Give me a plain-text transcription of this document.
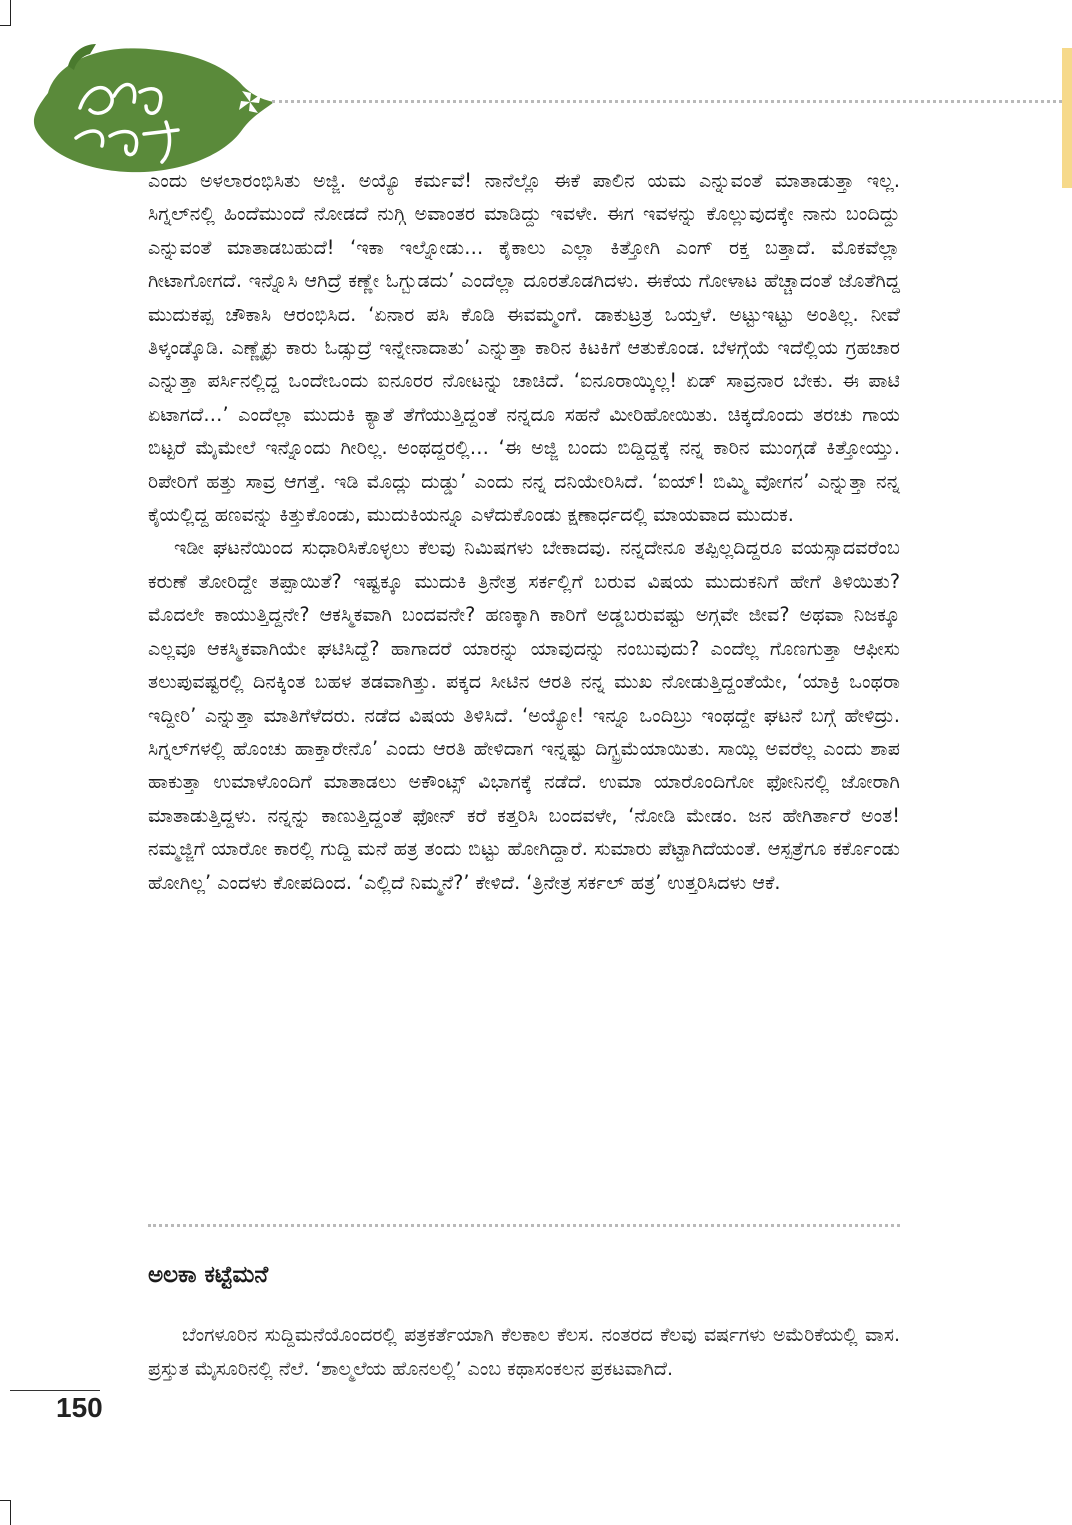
ಎಂದು ಅಳಲಾರಂಭಿಸಿತು ಅಜ್ಜಿ. ಅಯ್ಯೊ ಕರ್ಮವೆ! ನಾನೆಲ್ಲೊ ಈಕೆ ಪಾಲಿನ ಯಮ ಎನ್ನುವಂತೆ ಮಾತಾಡುತ್ತಾ ಇಲ್ಲ. ಸಿಗ್ನಲ್‌ನಲ್ಲಿ ಹಿಂದೆಮುಂದೆ ನೋಡದೆ ನುಗ್ಗಿ ಅವಾಂತರ ಮಾಡಿದ್ದು ಇವಳೇ. ಈಗ ಇವಳನ್ನು ಕೊಲ್ಲುವುದಕ್ಕೇ ನಾನು ಬಂದಿದ್ದು ಎನ್ನುವಂತೆ ಮಾತಾಡಬಹುದೆ! ‘ಇಕಾ ಇಲ್ನೋಡು… ಕೈಕಾಲು ಎಲ್ಲಾ ಕಿತ್ತೋಗಿ ಎಂಗ್ ರಕ್ತ ಬತ್ತಾದೆ. ಮೊಕವೆಲ್ಲಾ ಗೀಟಾಗೋಗದೆ. ಇನ್ನೊಸಿ ಆಗಿದ್ರೆ ಕಣ್ಣೇ ಓಗ್ಬುಡದು’ ಎಂದೆಲ್ಲಾ ದೂರತೊಡಗಿದಳು. ಈಕೆಯ ಗೋಳಾಟ ಹೆಚ್ಚಾದಂತೆ ಜೊತೆಗಿದ್ದ ಮುದುಕಪ್ಪ ಚೌಕಾಸಿ ಆರಂಭಿಸಿದ. ‘ಏನಾರ ಪಸಿ ಕೊಡಿ ಈವಮ್ಮಂಗೆ. ಡಾಕುಟ್ರತ್ರ ಒಯ್ತಳೆ. ಅಟ್ಟುಇಟ್ಟು ಅಂತಿಲ್ಲ. ನೀವೆ ತಿಳ್ಕಂಡ್ಕೊಡಿ. ಎಣ್ಣೈಕ್ಳು ಕಾರು ಓಡ್ಸುದ್ರೆ ಇನ್ನೇನಾದಾತು’ ಎನ್ನುತ್ತಾ ಕಾರಿನ ಕಿಟಕಿಗೆ ಆತುಕೊಂಡ. ಬೆಳಗ್ಗೆಯೆ ಇದೆಲ್ಲಿಯ ಗ್ರಹಚಾರ ಎನ್ನುತ್ತಾ ಪರ್ಸಿನಲ್ಲಿದ್ದ ಒಂದೇಒಂದು ಐನೂರರ ನೋಟನ್ನು ಚಾಚಿದೆ. ‘ಐನೂರಾಯ್ಕಿಲ್ಲ! ಏಡ್ ಸಾವ್ರನಾರ ಬೇಕು. ಈ ಪಾಟಿ ಏಟಾಗದೆ…’ ಎಂದೆಲ್ಲಾ ಮುದುಕಿ ಕ್ಯಾತೆ ತೆಗೆಯುತ್ತಿದ್ದಂತೆ ನನ್ನದೂ ಸಹನೆ ಮೀರಿಹೋಯಿತು. ಚಿಕ್ಕದೊಂದು ತರಚು ಗಾಯ ಬಿಟ್ಟರೆ ಮೈಮೇಲೆ ಇನ್ನೊಂದು ಗೀರಿಲ್ಲ. ಅಂಥದ್ದರಲ್ಲಿ… ‘ಈ ಅಜ್ಜಿ ಬಂದು ಬಿದ್ದಿದ್ದಕ್ಕೆ ನನ್ನ ಕಾರಿನ ಮುಂಗ್ಗಡೆ ಕಿತ್ತೋಯ್ತು. ರಿಪೇರಿಗೆ ಹತ್ತು ಸಾವ್ರ ಆಗತ್ತೆ. ಇಡಿ ಮೊದ್ಲು ದುಡ್ಡು’ ಎಂದು ನನ್ನ ದನಿಯೇರಿಸಿದೆ. ‘ಐಯ್! ಬಿಮ್ಮಿ ವೋಗನ’ ಎನ್ನುತ್ತಾ ನನ್ನ ಕೈಯಲ್ಲಿದ್ದ ಹಣವನ್ನು ಕಿತ್ತುಕೊಂಡು, ಮುದುಕಿಯನ್ನೂ ಎಳೆದುಕೊಂಡು ಕ್ಷಣಾರ್ಧದಲ್ಲಿ ಮಾಯವಾದ ಮುದುಕ.

ಇಡೀ ಘಟನೆಯಿಂದ ಸುಧಾರಿಸಿಕೊಳ್ಳಲು ಕೆಲವು ನಿಮಿಷಗಳು ಬೇಕಾದವು. ನನ್ನದೇನೂ ತಪ್ಪಿಲ್ಲದಿದ್ದರೂ ವಯಸ್ಸಾದವರೆಂಬ ಕರುಣೆ ತೋರಿದ್ದೇ ತಪ್ಪಾಯಿತೆ? ಇಷ್ಟಕ್ಕೂ ಮುದುಕಿ ತ್ರಿನೇತ್ರ ಸರ್ಕಲ್ಲಿಗೆ ಬರುವ ವಿಷಯ ಮುದುಕನಿಗೆ ಹೇಗೆ ತಿಳಿಯಿತು? ಮೊದಲೇ ಕಾಯುತ್ತಿದ್ದನೇ? ಆಕಸ್ಮಿಕವಾಗಿ ಬಂದವನೇ? ಹಣಕ್ಕಾಗಿ ಕಾರಿಗೆ ಅಡ್ಡಬರುವಷ್ಟು ಅಗ್ಗವೇ ಜೀವ? ಅಥವಾ ನಿಜಕ್ಕೂ ಎಲ್ಲವೂ ಆಕಸ್ಮಿಕವಾಗಿಯೇ ಘಟಿಸಿದ್ದೆ? ಹಾಗಾದರೆ ಯಾರನ್ನು ಯಾವುದನ್ನು ನಂಬುವುದು? ಎಂದೆಲ್ಲ ಗೊಣಗುತ್ತಾ ಆಫೀಸು ತಲುಪುವಷ್ಟರಲ್ಲಿ ದಿನಕ್ಕಿಂತ ಬಹಳ ತಡವಾಗಿತ್ತು. ಪಕ್ಕದ ಸೀಟಿನ ಆರತಿ ನನ್ನ ಮುಖ ನೋಡುತ್ತಿದ್ದಂತೆಯೇ, ‘ಯಾಕ್ರಿ ಒಂಥರಾ ಇದ್ದೀರಿ’ ಎನ್ನುತ್ತಾ ಮಾತಿಗೆಳೆದರು. ನಡೆದ ವಿಷಯ ತಿಳಿಸಿದೆ. ‘ಅಯ್ಯೋ! ಇನ್ನೂ ಒಂದಿಬ್ರು ಇಂಥದ್ದೇ ಘಟನೆ ಬಗ್ಗೆ ಹೇಳಿದ್ರು. ಸಿಗ್ನಲ್‌ಗಳಲ್ಲಿ ಹೊಂಚು ಹಾಕ್ತಾರೇನೊ’ ಎಂದು ಆರತಿ ಹೇಳಿದಾಗ ಇನ್ನಷ್ಟು ದಿಗ್ಭ್ರಮೆಯಾಯಿತು. ಸಾಯ್ಲಿ ಅವರೆಲ್ಲ ಎಂದು ಶಾಪ ಹಾಕುತ್ತಾ ಉಮಾಳೊಂದಿಗೆ ಮಾತಾಡಲು ಅಕೌಂಟ್ಸ್ ವಿಭಾಗಕ್ಕೆ ನಡೆದೆ. ಉಮಾ ಯಾರೊಂದಿಗೋ ಫೋನಿನಲ್ಲಿ ಜೋರಾಗಿ ಮಾತಾಡುತ್ತಿದ್ದಳು. ನನ್ನನ್ನು ಕಾಣುತ್ತಿದ್ದಂತೆ ಫೋನ್ ಕರೆ ಕತ್ತರಿಸಿ ಬಂದವಳೇ, ‘ನೋಡಿ ಮೇಡಂ. ಜನ ಹೇಗಿರ್ತಾರೆ ಅಂತ! ನಮ್ಮಜ್ಜಿಗೆ ಯಾರೋ ಕಾರಲ್ಲಿ ಗುದ್ದಿ ಮನೆ ಹತ್ರ ತಂದು ಬಿಟ್ಟು ಹೋಗಿದ್ದಾರೆ. ಸುಮಾರು ಪೆಟ್ಟಾಗಿದೆಯಂತೆ. ಆಸ್ಪತ್ರೆಗೂ ಕರ್ಕೊಂಡು ಹೋಗಿಲ್ಲ’ ಎಂದಳು ಕೋಪದಿಂದ. ‘ಎಲ್ಲಿದೆ ನಿಮ್ಮನೆ?’ ಕೇಳಿದೆ. ‘ತ್ರಿನೇತ್ರ ಸರ್ಕಲ್ ಹತ್ರ’ ಉತ್ತರಿಸಿದಳು ಆಕೆ.

ಅಲಕಾ ಕಟ್ಟೆಮನೆ

ಬೆಂಗಳೂರಿನ ಸುದ್ದಿಮನೆಯೊಂದರಲ್ಲಿ ಪತ್ರಕರ್ತೆಯಾಗಿ ಕೆಲಕಾಲ ಕೆಲಸ. ನಂತರದ ಕೆಲವು ವರ್ಷಗಳು ಅಮೆರಿಕೆಯಲ್ಲಿ ವಾಸ. ಪ್ರಸ್ತುತ ಮೈಸೂರಿನಲ್ಲಿ ನೆಲೆ. ‘ಶಾಲ್ಮಲೆಯ ಹೊನಲಲ್ಲಿ’ ಎಂಬ ಕಥಾಸಂಕಲನ ಪ್ರಕಟವಾಗಿದೆ.

150
